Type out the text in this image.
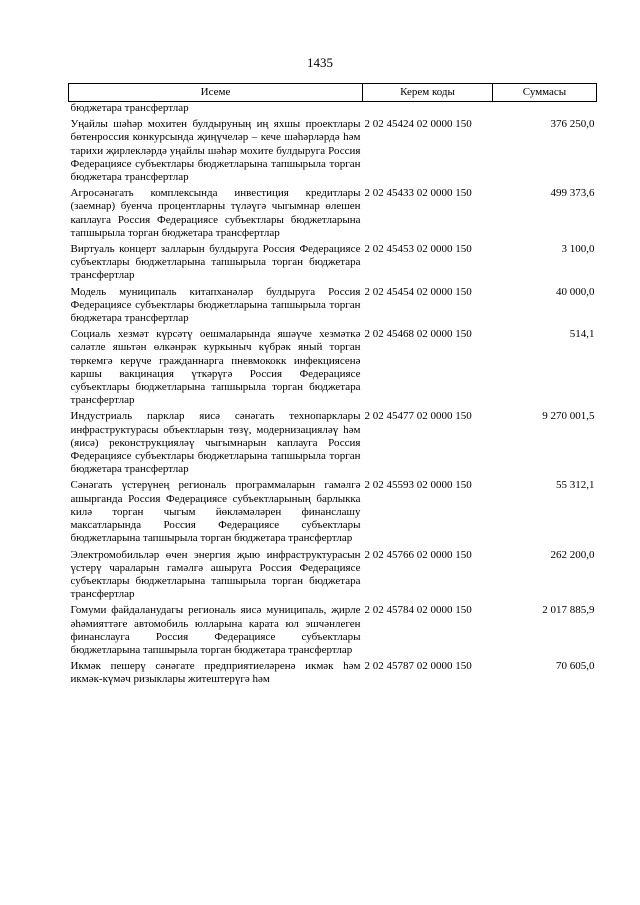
1435
Исеме	Керем коды	Суммасы
бюджетара трансфертлар		
Уңайлы шәһәр мохитен булдыруның иң яхшы проектлары бөтенроссия конкурсында җиңүчеләр – кече шәһәрләрдә һәм тарихи җирлекләрдә уңайлы шәһәр мохите булдыруга Россия Федерациясе субъектлары бюджетларына тапшырыла торган бюджетара трансфертлар	2 02 45424 02 0000 150	376 250,0
Агросәнәгать комплексында инвестиция кредитлары (заемнар) буенча процентларны түләүгә чыгымнар өлешен каплауга Россия Федерациясе субъектлары бюджетларына тапшырыла торган бюджетара трансфертлар	2 02 45433 02 0000 150	499 373,6
Виртуаль концерт залларын булдыруга Россия Федерациясе субъектлары бюджетларына тапшырыла торган бюджетара трансфертлар	2 02 45453 02 0000 150	3 100,0
Модель муниципаль китапханәләр булдыруга Россия Федерациясе субъектлары бюджетларына тапшырыла торган бюджетара трансфертлар	2 02 45454 02 0000 150	40 000,0
Социаль хезмәт күрсәтү оешмаларында яшәүче хезмәткә сәләтле яшьтән өлкәнрәк куркыныч күбрәк яный торган төркемгә керүче гражданнарга пневмококк инфекциясенә каршы вакцинация үткәрүгә Россия Федерациясе субъектлары бюджетларына тапшырыла торган бюджетара трансфертлар	2 02 45468 02 0000 150	514,1
Индустриаль парклар яисә сәнәгать технопарклары инфраструктурасы объектларын төзү, модернизацияләү һәм (яисә) реконструкцияләү чыгымнарын каплауга Россия Федерациясе субъектлары бюджетларына тапшырыла торган бюджетара трансфертлар	2 02 45477 02 0000 150	9 270 001,5
Сәнәгать үстерүнең региональ программаларын гамәлгә ашырганда Россия Федерациясе субъектларының барлыкка килә торган чыгым йөкләмәләрен финанслашу максатларында Россия Федерациясе субъектлары бюджетларына тапшырыла торган бюджетара трансфертлар	2 02 45593 02 0000 150	55 312,1
Электромобильләр өчен энергия җыю инфраструктурасын үстерү чараларын гамәлгә ашыруга Россия Федерациясе субъектлары бюджетларына тапшырыла торган бюджетара трансфертлар	2 02 45766 02 0000 150	262 200,0
Гомуми файдаланудагы региональ яисә муниципаль, җирле әһәмияттәге автомобиль юлларына карата юл эшчәнлеген финанслауга Россия Федерациясе субъектлары бюджетларына тапшырыла торган бюджетара трансфертлар	2 02 45784 02 0000 150	2 017 885,9
Икмәк пешерү сәнәгате предприятиеләренә икмәк һәм икмәк-күмәч ризыклары житештерүгә һәм	2 02 45787 02 0000 150	70 605,0
